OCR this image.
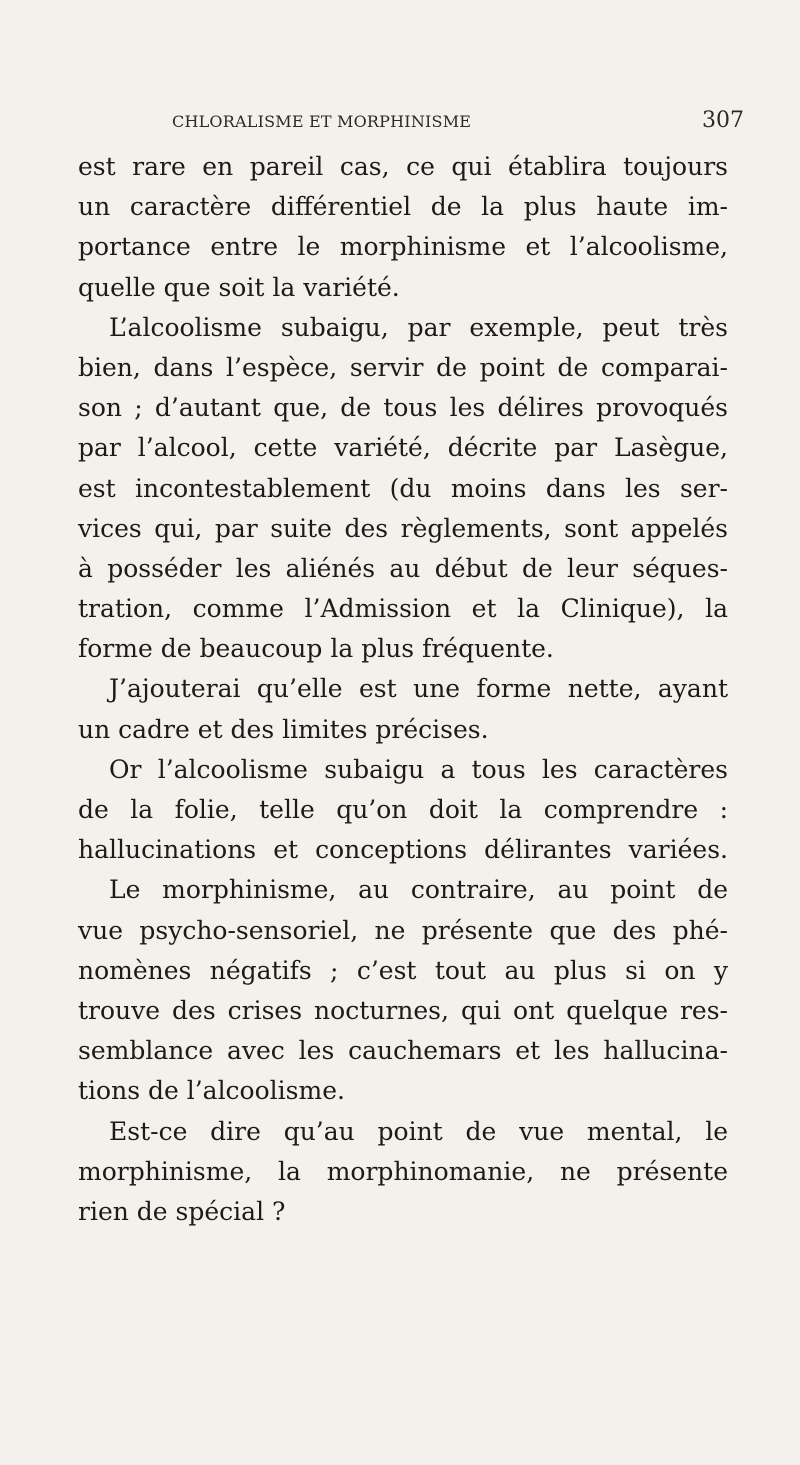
CHLORALISME ET MORPHINISME	307
est rare en pareil cas, ce qui établira toujours
un caractère différentiel de la plus haute im-
portance entre le morphinisme et l’alcoolisme,
quelle que soit la variété.
L’alcoolisme subaigu, par exemple, peut très
bien, dans l’espèce, servir de point de comparai-
son ; d’autant que, de tous les délires provoqués
par l’alcool, cette variété, décrite par Lasègue,
est incontestablement (du moins dans les ser-
vices qui, par suite des règlements, sont appelés
à posséder les aliénés au début de leur séques-
tration, comme l’Admission et la Clinique), la
forme de beaucoup la plus fréquente.
J’ajouterai qu’elle est une forme nette, ayant
un cadre et des limites précises.
Or l’alcoolisme subaigu a tous les caractères
de la folie, telle qu’on doit la comprendre :
hallucinations et conceptions délirantes variées.
Le morphinisme, au contraire, au point de
vue psycho-sensoriel, ne présente que des phé-
nomènes négatifs ; c’est tout au plus si on y
trouve des crises nocturnes, qui ont quelque res-
semblance avec les cauchemars et les hallucina-
tions de l’alcoolisme.
Est-ce dire qu’au point de vue mental, le
morphinisme, la morphinomanie, ne présente
rien de spécial ?
